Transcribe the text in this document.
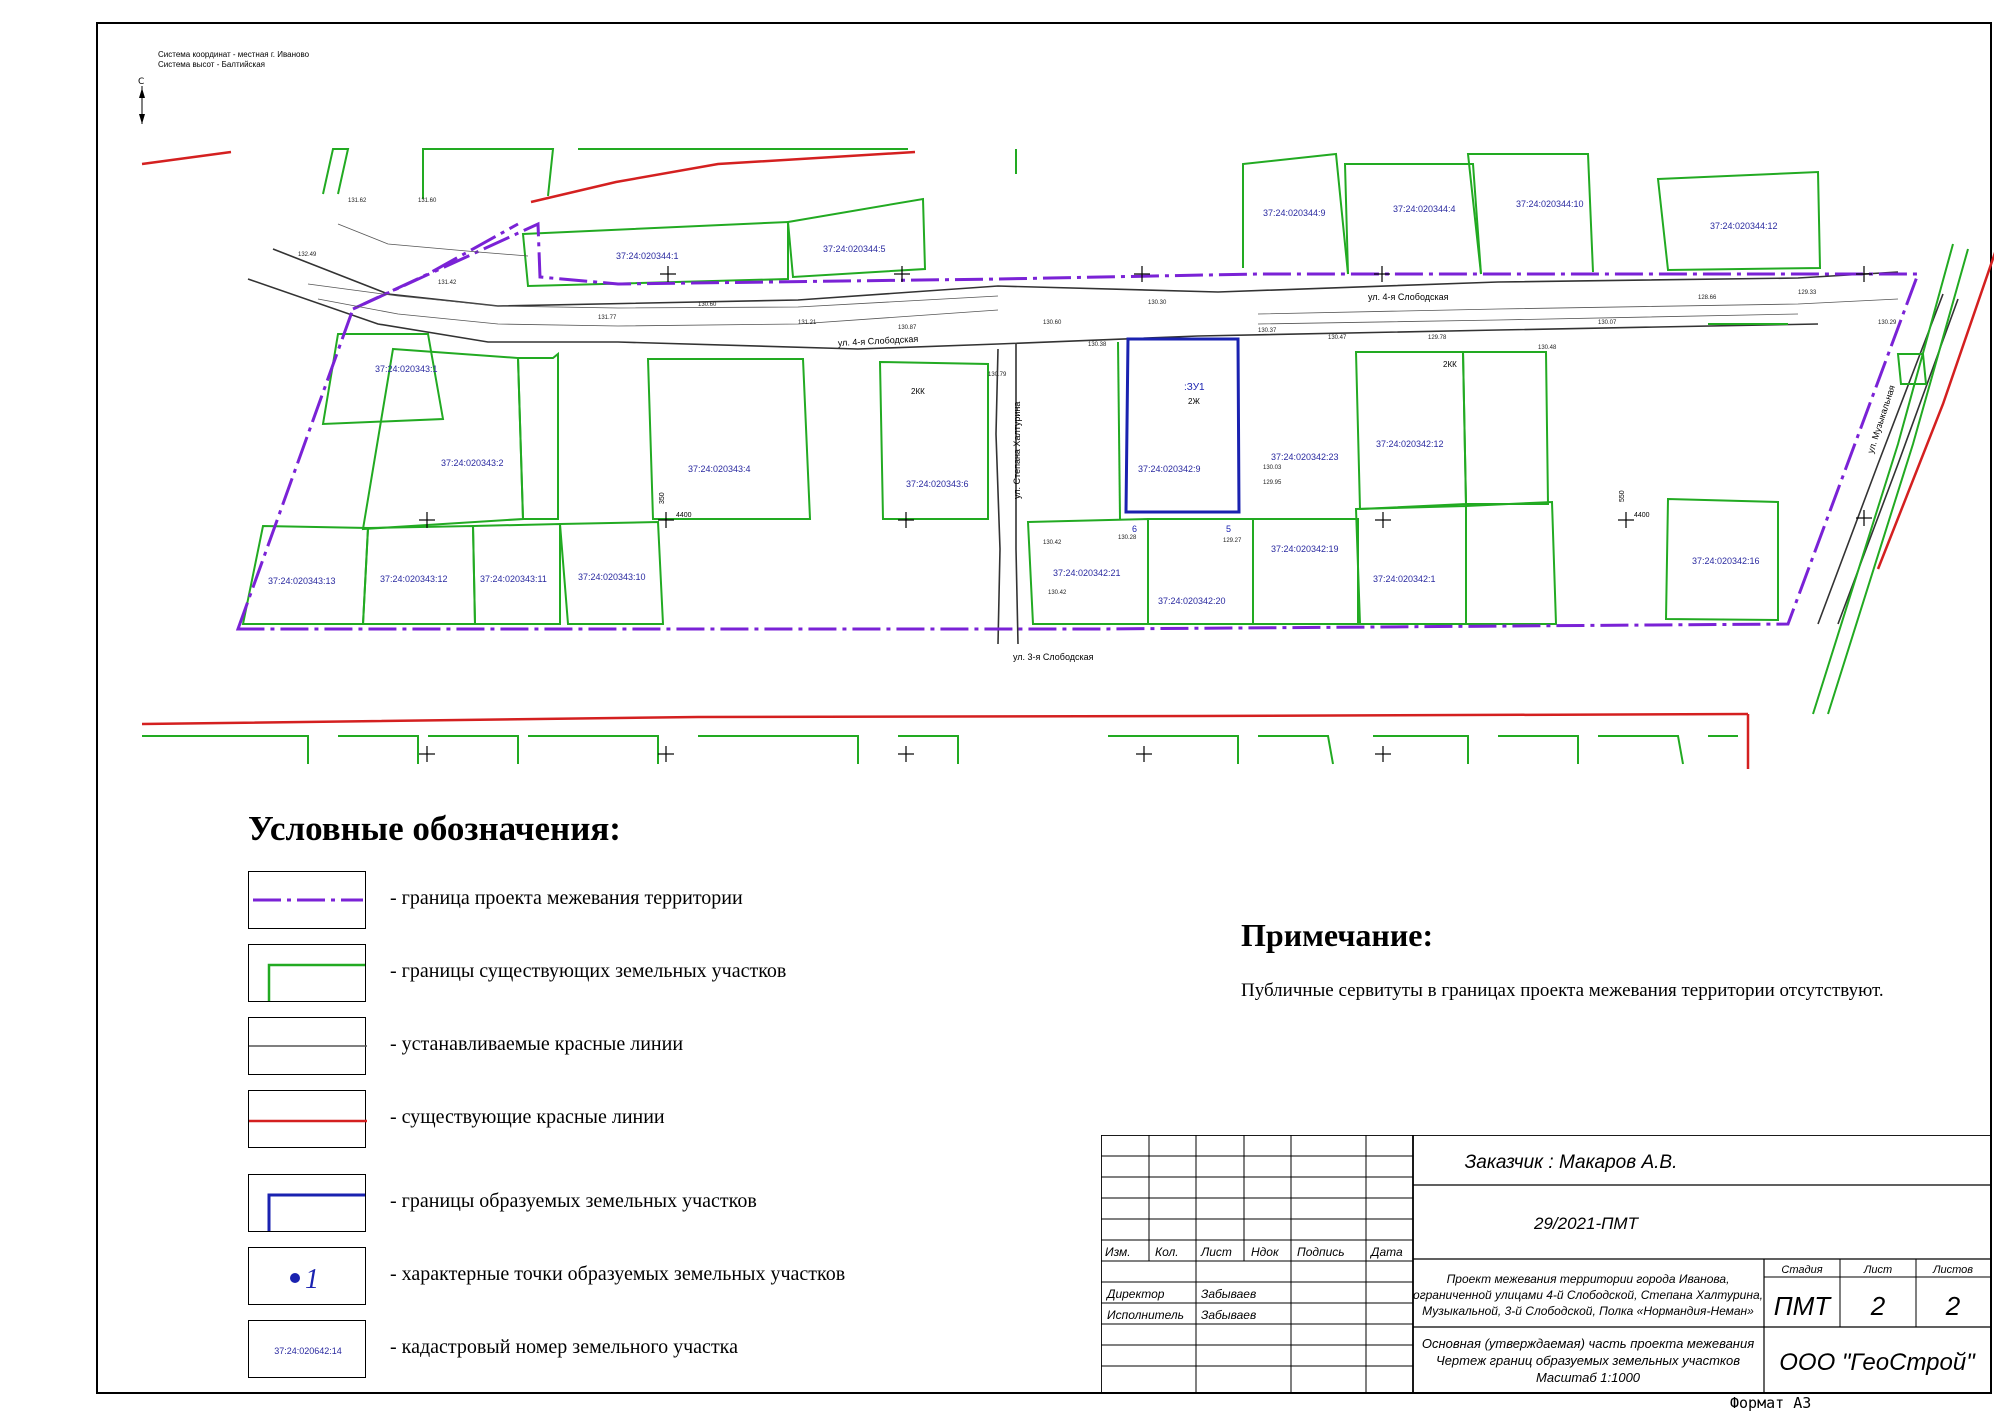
Система координат - местная г. Иваново
Система высот - Балтийская
С
131.62	131.60
132.49
131.42
131.77
130.60
131.21
130.87
130.79
130.60
130.38
130.30
130.37
130.47	129.78
130.48
130.07
128.66
129.33
130.29
130.42
130.42
129.27
130.28
130.03
129.95
4400	4400
350	550
ул. 4-я Слободская
ул. 4-я Слободская
ул. Степана Халтурина
ул. 3-я Слободская
ул. Музыкальная
37:24:020344:1
37:24:020344:5
37:24:020344:9	37:24:020344:4	37:24:020344:10
37:24:020344:12
37:24:020343:1
37:24:020343:2
37:24:020343:4
37:24:020343:6
37:24:020343:13	37:24:020343:12	37:24:020343:11	37:24:020343:10
37:24:020342:9
37:24:020342:23
37:24:020342:12
37:24:020342:19
37:24:020342:1
37:24:020342:21
37:24:020342:20
37:24:020342:16
:ЗУ1
2Ж
6	5
2КК
2КК
Условные обозначения:
- граница проекта межевания территории
- границы существующих земельных участков
- устанавливаемые красные линии
- существующие красные линии
- границы образуемых земельных участков
1	- характерные точки образуемых земельных участков
37:24:020642:14 - кадастровый номер земельного участка
Примечание:
Публичные сервитуты в границах проекта межевания территории отсутствуют.
Изм. Кол. Лист Ндок Подпись Дата
Директор	Забываев
Исполнитель Забываев
Заказчик : Макаров А.В.
29/2021-ПМТ
Проект межевания территории города Иванова,
ограниченной улицами 4-й Слободской, Степана Халтурина,
Музыкальной, 3-й Слободской, Полка «Нормандия-Неман»
Стадия	Лист	Листов
ПМТ 2 2
Основная (утверждаемая) часть проекта межевания
Чертеж границ образуемых земельных участков
Масштаб 1:1000
ООО "ГеоСтрой"
Формат А3
